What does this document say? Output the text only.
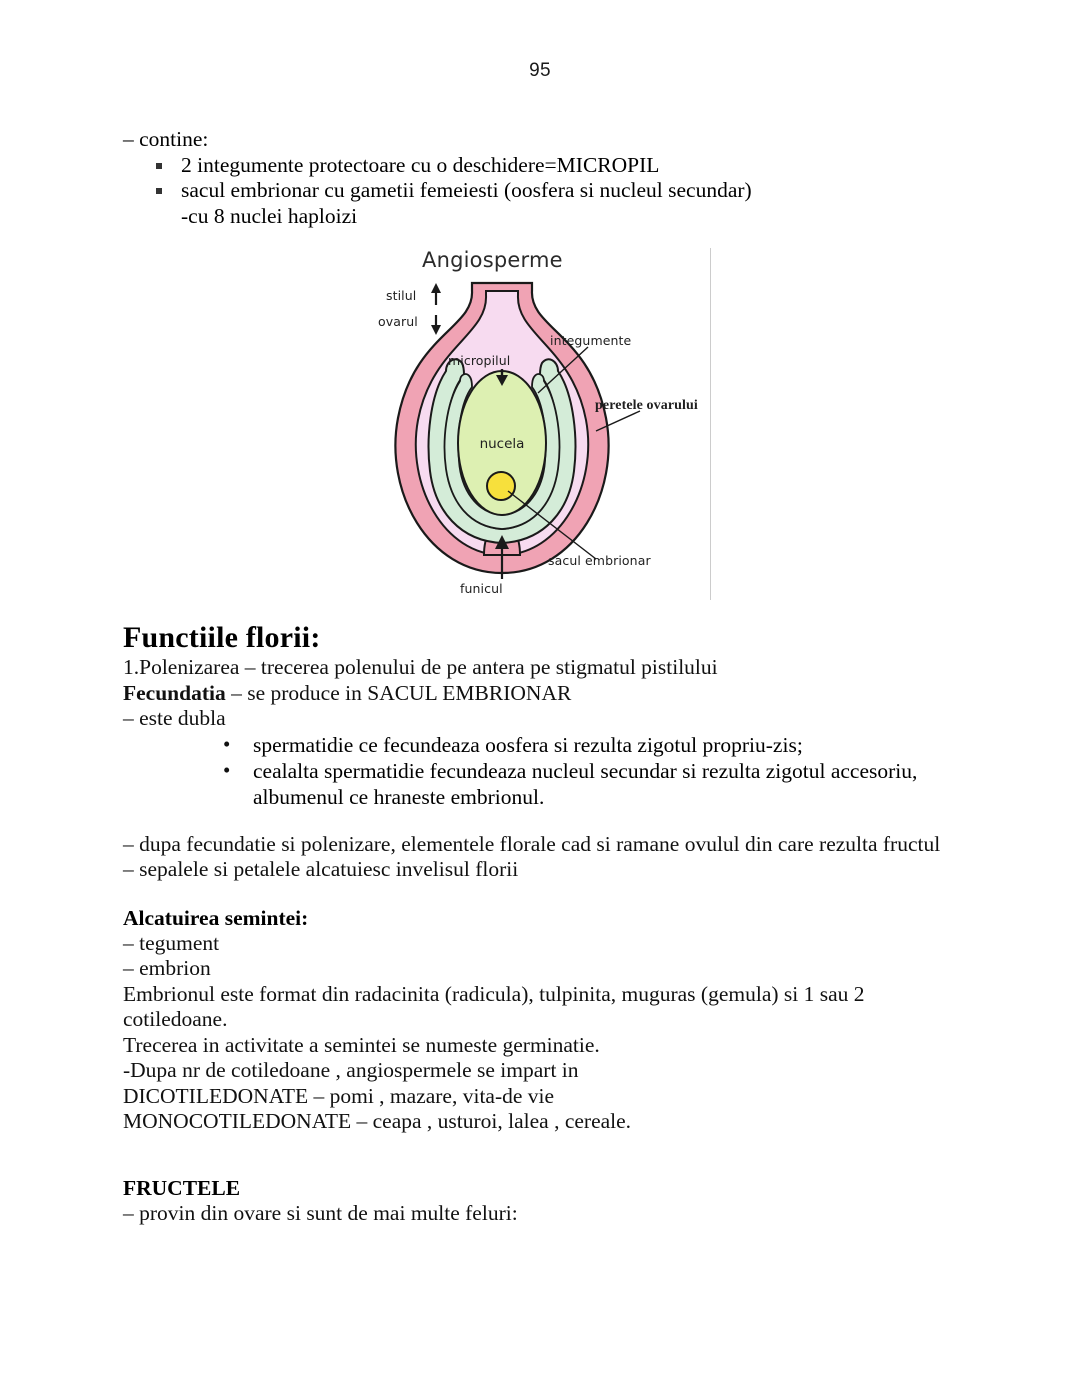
95
– contine:
2 integumente protectoare cu o deschidere=MICROPIL
sacul embrionar cu gametii femeiesti (oosfera si nucleul secundar)
-cu 8 nuclei haploizi
Functiile florii:
1.Polenizarea – trecerea polenului de pe antera pe stigmatul pistilului
Fecundatia – se produce in SACUL EMBRIONAR
– este dubla
• spermatidie ce fecundeaza oosfera si rezulta zigotul propriu-zis;
• cealalta spermatidie fecundeaza nucleul secundar si rezulta zigotul accesoriu,
albumenul ce hraneste embrionul.
– dupa fecundatie si polenizare, elementele florale cad si ramane ovulul din care rezulta fructul
– sepalele si petalele alcatuiesc invelisul florii
Alcatuirea semintei:
– tegument
– embrion
Embrionul este format din radacinita (radicula), tulpinita, muguras (gemula) si 1 sau 2
cotiledoane.
Trecerea in activitate a semintei se numeste germinatie.
-Dupa nr de cotiledoane , angiospermele se impart in
DICOTILEDONATE – pomi , mazare, vita-de vie
MONOCOTILEDONATE – ceapa , usturoi, lalea , cereale.
FRUCTELE
– provin din ovare si sunt de mai multe feluri:
Angiosperme
nucela
stilul
ovarul
micropilul
integumente
peretele ovarului
sacul embrionar
funicul
